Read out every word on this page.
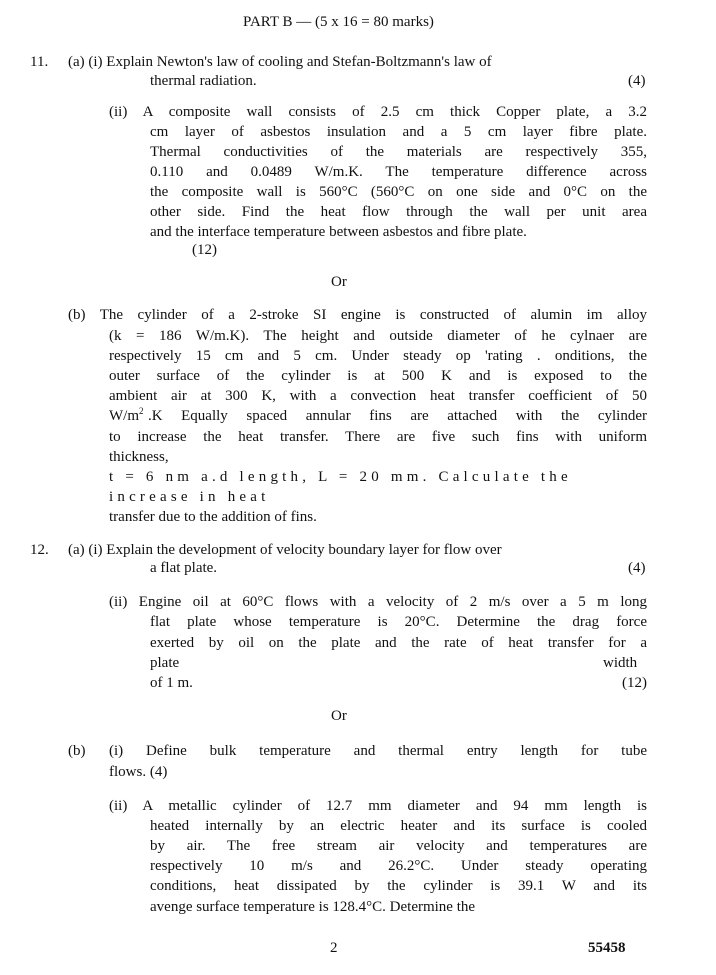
PART B — (5 x 16 = 80 marks)
11. (a) (i) Explain Newton's law of cooling and Stefan-Boltzmann's law of
thermal radiation.	(4)
(ii) A composite wall consists of 2.5 cm thick Copper plate, a 3.2
cm layer of asbestos insulation and a 5 cm layer fibre plate.
Thermal conductivities of the materials are respectively 355,
0.110 and 0.0489 W/m.K. The temperature difference across
the composite wall is 560°C (560°C on one side and 0°C on the
other side. Find the heat flow through the wall per unit area
and the interface temperature between asbestos and fibre plate.
(12)
Or
(b) The cylinder of a 2-stroke SI engine is constructed of alumin im alloy
(k = 186 W/m.K). The height and outside diameter of he cylnaer are
respectively 15 cm and 5 cm. Under steady op 'rating . onditions, the
outer surface of the cylinder is at 500 K and is exposed to the
ambient air at 300 K, with a convection heat transfer coefficient of 50
$W/m^2$ .K Equally spaced annular fins are attached with the cylinder
to increase the heat transfer. There are five such fins with uniform
thickness,
t = 6 nm a.d length, L = 20 mm. Calculate the
increase in heat
transfer due to the addition of fins.
12. (a) (i) Explain the development of velocity boundary layer for flow over
a flat plate.	(4)
(ii) Engine oil at 60°C flows with a velocity of 2 m/s over a 5 m long
flat plate whose temperature is 20°C. Determine the drag force
exerted by oil on the plate and the rate of heat transfer for a
plate	width
of 1 m.	(12)
Or
(b) (i) Define bulk temperature and thermal entry length for tube
flows. (4)
(ii) A metallic cylinder of 12.7 mm diameter and 94 mm length is
heated internally by an electric heater and its surface is cooled
by air. The free stream air velocity and temperatures are
respectively 10 m/s and 26.2°C. Under steady operating
conditions, heat dissipated by the cylinder is 39.1 W and its
avenge surface temperature is 128.4°C. Determine the
2	55458
